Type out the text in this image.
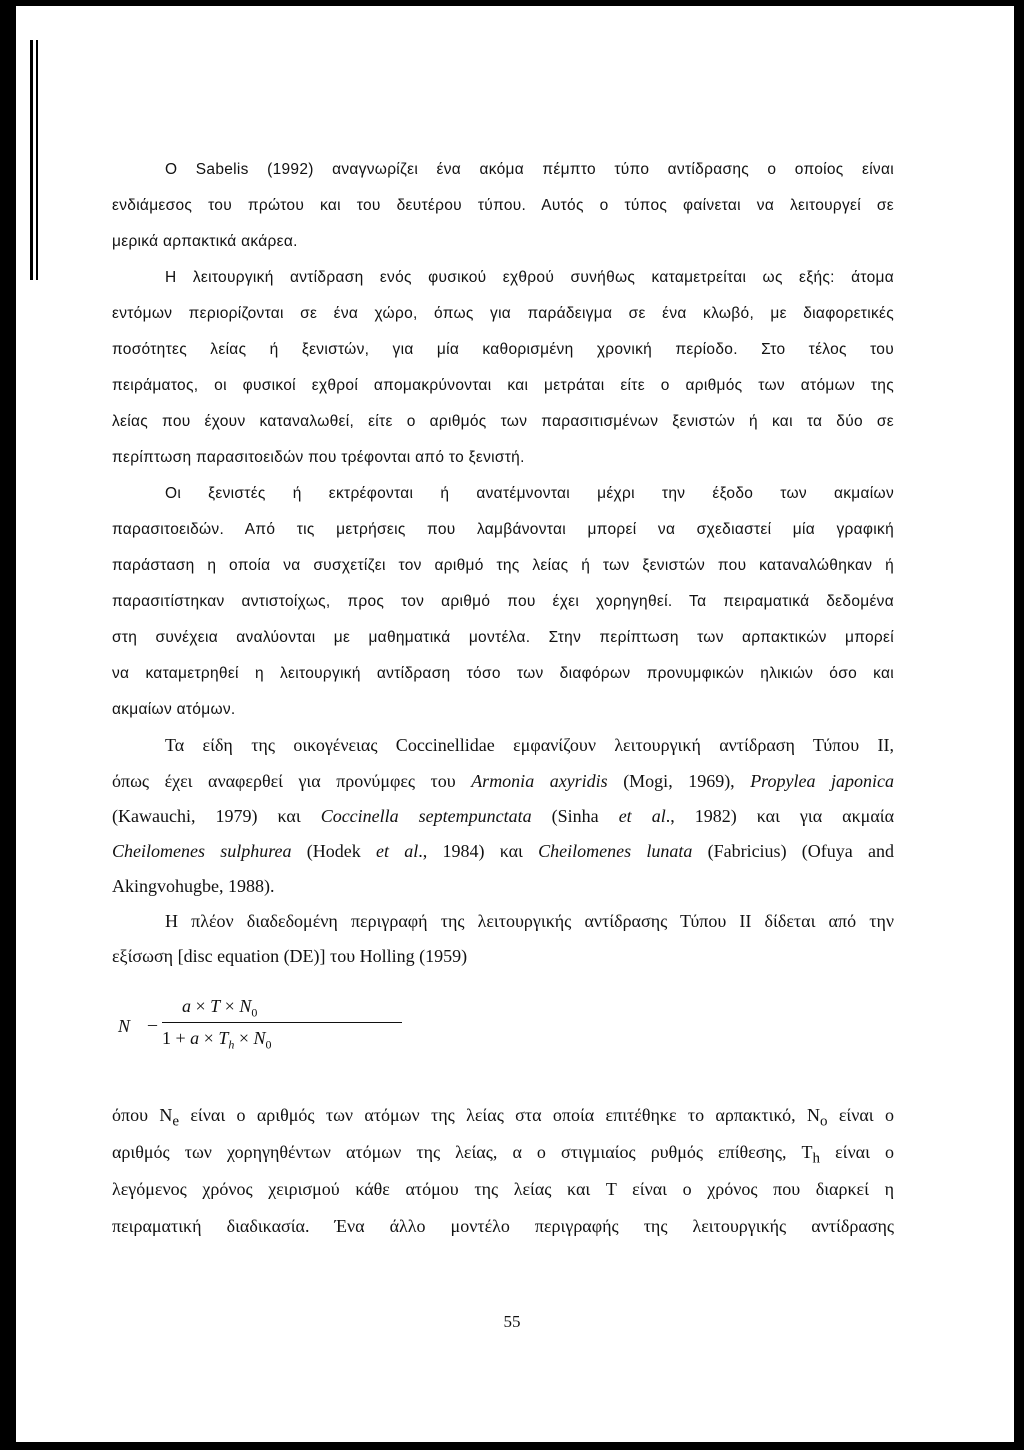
Ο Sabelis (1992) αναγνωρίζει ένα ακόμα πέμπτο τύπο αντίδρασης ο οποίος είναι
ενδιάμεσος του πρώτου και του δευτέρου τύπου. Αυτός ο τύπος φαίνεται να λειτουργεί σε
μερικά αρπακτικά ακάρεα.
Η λειτουργική αντίδραση ενός φυσικού εχθρού συνήθως καταμετρείται ως εξής: άτομα
εντόμων περιορίζονται σε ένα χώρο, όπως για παράδειγμα σε ένα κλωβό, με διαφορετικές
ποσότητες λείας ή ξενιστών, για μία καθορισμένη χρονική περίοδο. Στο τέλος του
πειράματος, οι φυσικοί εχθροί απομακρύνονται και μετράται είτε ο αριθμός των ατόμων της
λείας που έχουν καταναλωθεί, είτε ο αριθμός των παρασιτισμένων ξενιστών ή και τα δύο σε
περίπτωση παρασιτοειδών που τρέφονται από το ξενιστή.
Οι ξενιστές ή εκτρέφονται ή ανατέμνονται μέχρι την έξοδο των ακμαίων
παρασιτοειδών. Από τις μετρήσεις που λαμβάνονται μπορεί να σχεδιαστεί μία γραφική
παράσταση η οποία να συσχετίζει τον αριθμό της λείας ή των ξενιστών που καταναλώθηκαν ή
παρασιτίστηκαν αντιστοίχως, προς τον αριθμό που έχει χορηγηθεί. Τα πειραματικά δεδομένα
στη συνέχεια αναλύονται με μαθηματικά μοντέλα. Στην περίπτωση των αρπακτικών μπορεί
να καταμετρηθεί η λειτουργική αντίδραση τόσο των διαφόρων προνυμφικών ηλικιών όσο και
ακμαίων ατόμων.
Τα είδη της οικογένειας Coccinellidae εμφανίζουν λειτουργική αντίδραση Τύπου II,
όπως έχει αναφερθεί για προνύμφες του Armonia axyridis (Mogi, 1969), Propylea japonica
(Kawauchi, 1979) και Coccinella septempunctata (Sinha et al., 1982) και για ακμαία
Cheilomenes sulphurea (Hodek et al., 1984) και Cheilomenes lunata (Fabricius) (Ofuya and
Akingvohugbe, 1988).
Η πλέον διαδεδομένη περιγραφή της λειτουργικής αντίδρασης Τύπου II δίδεται από την
εξίσωση [disc equation (DE)] του Holling (1959)
N –
$a \times T \times N_0$
$1 + a \times T_h \times N_0$
όπου $N_e$ είναι ο αριθμός των ατόμων της λείας στα οποία επιτέθηκε το αρπακτικό, $N_o$ είναι ο
αριθμός των χορηγηθέντων ατόμων της λείας, α ο στιγμιαίος ρυθμός επίθεσης, $T_h$ είναι ο
λεγόμενος χρόνος χειρισμού κάθε ατόμου της λείας και T είναι ο χρόνος που διαρκεί η
πειραματική διαδικασία. Ένα άλλο μοντέλο περιγραφής της λειτουργικής αντίδρασης
55
